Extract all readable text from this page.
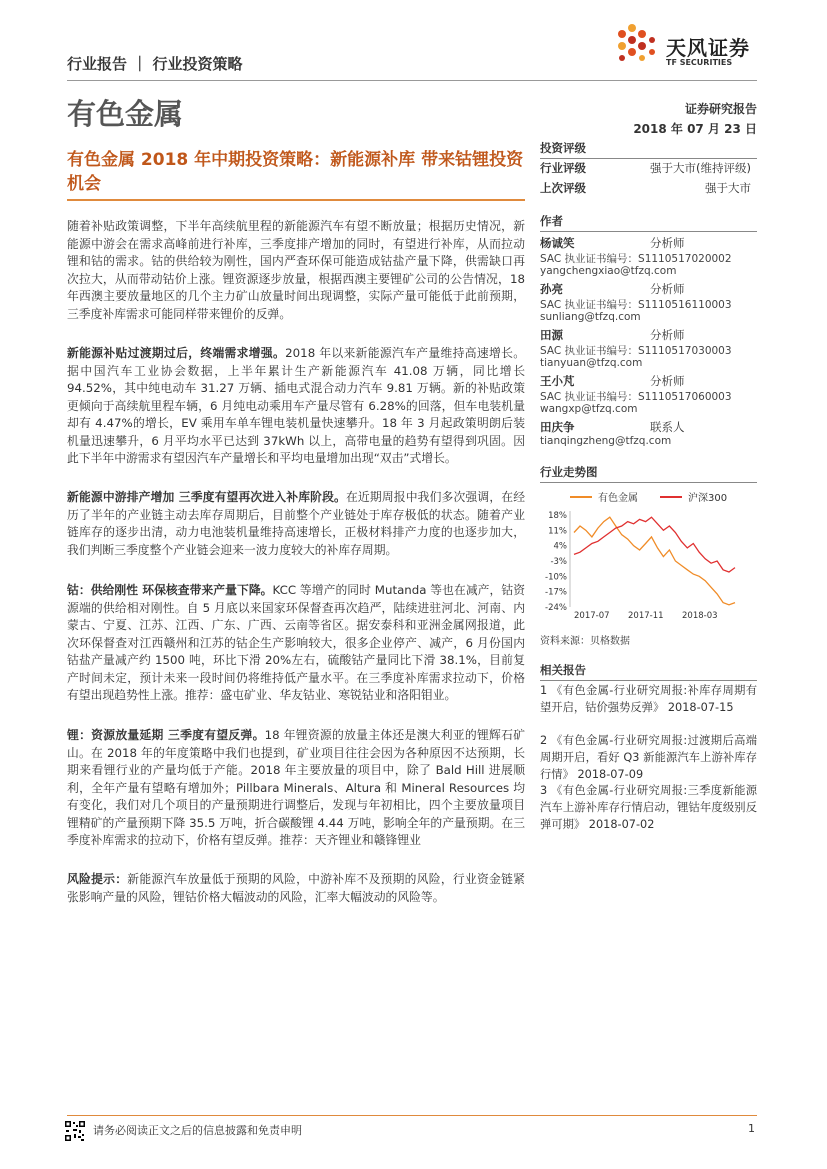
行业报告 ｜ 行业投资策略
天风证券
TF SECURITIES
有色金属	证券研究报告
2018 年 07 月 23 日
有色金属 2018 年中期投资策略：新能源补库 带来钴锂投资机会
随着补贴政策调整，下半年高续航里程的新能源汽车有望不断放量；根据历史情况，新能源中游会在需求高峰前进行补库，三季度排产增加的同时，有望进行补库，从而拉动锂和钴的需求。钴的供给较为刚性，国内严查环保可能造成钴盐产量下降，供需缺口再次拉大，从而带动钴价上涨。锂资源逐步放量，根据西澳主要锂矿公司的公告情况，18 年西澳主要放量地区的几个主力矿山放量时间出现调整，实际产量可能低于此前预期，三季度补库需求可能同样带来锂价的反弹。
新能源补贴过渡期过后，终端需求增强。2018 年以来新能源汽车产量维持高速增长。据中国汽车工业协会数据，上半年累计生产新能源汽车 41.08 万辆，同比增长 94.52%，其中纯电动车 31.27 万辆、插电式混合动力汽车 9.81 万辆。新的补贴政策更倾向于高续航里程车辆，6 月纯电动乘用车产量尽管有 6.28%的回落，但车电装机量却有 4.47%的增长，EV 乘用车单车锂电装机量快速攀升。18 年 3 月起政策明朗后装机量迅速攀升，6 月平均水平已达到 37kWh 以上，高带电量的趋势有望得到巩固。因此下半年中游需求有望因汽车产量增长和平均电量增加出现“双击”式增长。
新能源中游排产增加 三季度有望再次进入补库阶段。在近期周报中我们多次强调，在经历了半年的产业链主动去库存周期后，目前整个产业链处于库存极低的状态。随着产业链库存的逐步出清，动力电池装机量维持高速增长，正极材料排产力度的也逐步加大，我们判断三季度整个产业链会迎来一波力度较大的补库存周期。
钴：供给刚性 环保核查带来产量下降。KCC 等增产的同时 Mutanda 等也在减产，钴资源端的供给相对刚性。自 5 月底以来国家环保督查再次趋严，陆续进驻河北、河南、内蒙古、宁夏、江苏、江西、广东、广西、云南等省区。据安泰科和亚洲金属网报道，此次环保督查对江西赣州和江苏的钴企生产影响较大，很多企业停产、减产，6 月份国内钴盐产量减产约 1500 吨，环比下滑 20%左右，硫酸钴产量同比下滑 38.1%，目前复产时间未定，预计未来一段时间仍将维持低产量水平。在三季度补库需求拉动下，价格有望出现趋势性上涨。推荐：盛屯矿业、华友钴业、寒锐钴业和洛阳钼业。
锂：资源放量延期 三季度有望反弹。18 年锂资源的放量主体还是澳大利亚的锂辉石矿山。在 2018 年的年度策略中我们也提到，矿业项目往往会因为各种原因不达预期，长期来看锂行业的产量均低于产能。2018 年主要放量的项目中，除了 Bald Hill 进展顺利，全年产量有望略有增加外；Pillbara Minerals、Altura 和 Mineral Resources 均有变化，我们对几个项目的产量预期进行调整后，发现与年初相比，四个主要放量项目锂精矿的产量预期下降 35.5 万吨，折合碳酸锂 4.44 万吨，影响全年的产量预期。在三季度补库需求的拉动下，价格有望反弹。推荐：天齐锂业和赣锋锂业
风险提示：新能源汽车放量低于预期的风险，中游补库不及预期的风险，行业资金链紧张影响产量的风险，锂钴价格大幅波动的风险，汇率大幅波动的风险等。
投资评级
行业评级	强于大市(维持评级)
上次评级	强于大市
作者
杨诚笑	分析师
SAC 执业证书编号：S1110517020002
yangchengxiao@tfzq.com
孙亮	分析师
SAC 执业证书编号：S1110516110003
sunliang@tfzq.com
田源	分析师
SAC 执业证书编号：S1110517030003
tianyuan@tfzq.com
王小芃	分析师
SAC 执业证书编号：S1110517060003
wangxp@tfzq.com
田庆争	联系人
tianqingzheng@tfzq.com
行业走势图
有色金属	沪深300
18%
11%
4%
-3%
-10%
-17%
-24%
2017-07 2017-11 2018-03
资料来源：贝格数据
相关报告
1 《有色金属-行业研究周报:补库存周期有望开启，钴价强势反弹》 2018-07-15
2 《有色金属-行业研究周报:过渡期后高端周期开启，看好 Q3 新能源汽车上游补库存行情》 2018-07-09
3 《有色金属-行业研究周报:三季度新能源汽车上游补库存行情启动，锂钴年度级别反弹可期》 2018-07-02
请务必阅读正文之后的信息披露和免责申明	1
